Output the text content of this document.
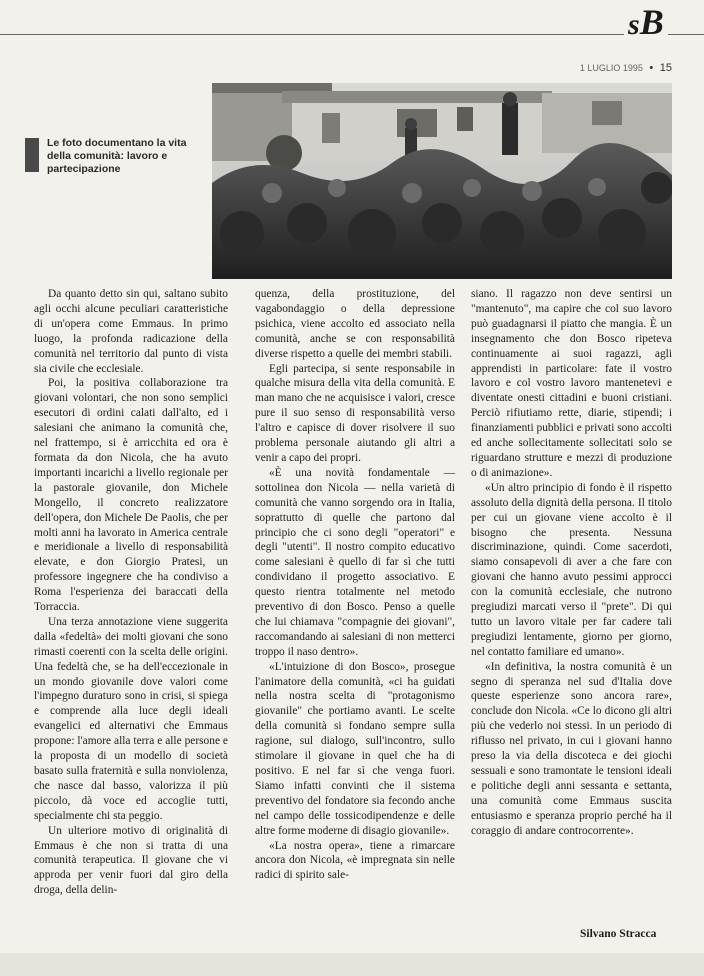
sB
1 LUGLIO 1995 • 15
Le foto documentano la vita della comunità: lavoro e partecipazione

Da quanto detto sin qui, saltano subito agli occhi alcune peculiari caratteristiche di un'opera come Emmaus. In primo luogo, la profonda radicazione della comunità nel territorio dal punto di vista sia civile che ecclesiale.

Poi, la positiva collaborazione tra giovani volontari, che non sono semplici esecutori di ordini calati dall'alto, ed i salesiani che animano la comunità che, nel frattempo, si è arricchita ed ora è formata da don Nicola, che ha avuto importanti incarichi a livello regionale per la pastorale giovanile, don Michele Mongello, il concreto realizzatore dell'opera, don Michele De Paolis, che per molti anni ha lavorato in America centrale e meridionale a livello di responsabilità elevate, e don Giorgio Pratesi, un professore ingegnere che ha condiviso a Roma l'esperienza dei baraccati della Torraccia.

Una terza annotazione viene suggerita dalla «fedeltà» dei molti giovani che sono rimasti coerenti con la scelta delle origini. Una fedeltà che, se ha dell'eccezionale in un mondo giovanile dove valori come l'impegno duraturo sono in crisi, si spiega e comprende alla luce degli ideali evangelici ed alternativi che Emmaus propone: l'amore alla terra e alle persone e la proposta di un modello di società basato sulla fraternità e sulla nonviolenza, che nasce dal basso, valorizza il più piccolo, dà voce ed accoglie tutti, specialmente chi sta peggio.

Un ulteriore motivo di originalità di Emmaus è che non si tratta di una comunità terapeutica. Il giovane che vi approda per venir fuori dal giro della droga, della delin-

quenza, della prostituzione, del vagabondaggio o della depressione psichica, viene accolto ed associato nella comunità, anche se con responsabilità diverse rispetto a quelle dei membri stabili.

Egli partecipa, si sente responsabile in qualche misura della vita della comunità. E man mano che ne acquisisce i valori, cresce pure il suo senso di responsabilità verso l'altro e capisce di dover risolvere il suo problema personale aiutando gli altri a venir a capo dei propri.

«È una novità fondamentale — sottolinea don Nicola — nella varietà di comunità che vanno sorgendo ora in Italia, soprattutto di quelle che partono dal principio che ci sono degli "operatori" e degli "utenti". Il nostro compito educativo come salesiani è quello di far sì che tutti condividano il progetto associativo. E questo rientra totalmente nel metodo preventivo di don Bosco. Penso a quelle che lui chiamava "compagnie dei giovani", raccomandando ai salesiani di non metterci troppo il naso dentro».

«L'intuizione di don Bosco», prosegue l'animatore della comunità, «ci ha guidati nella nostra scelta di "protagonismo giovanile" che portiamo avanti. Le scelte della comunità si fondano sempre sulla ragione, sul dialogo, sull'incontro, sullo stimolare il giovane in quel che ha di positivo. E nel far sì che venga fuori. Siamo infatti convinti che il sistema preventivo del fondatore sia fecondo anche nel campo delle tossicodipendenze e delle altre forme moderne di disagio giovanile».

«La nostra opera», tiene a rimarcare ancora don Nicola, «è impregnata sin nelle radici di spirito sale-

siano. Il ragazzo non deve sentirsi un "mantenuto", ma capire che col suo lavoro può guadagnarsi il piatto che mangia. È un insegnamento che don Bosco ripeteva continuamente ai suoi ragazzi, agli apprendisti in particolare: fate il vostro lavoro e col vostro lavoro mantenetevi e diventate onesti cittadini e buoni cristiani. Perciò rifiutiamo rette, diarie, stipendi; i finanziamenti pubblici e privati sono accolti ed anche sollecitamente sollecitati solo se riguardano strutture e mezzi di produzione o di animazione».

«Un altro principio di fondo è il rispetto assoluto della dignità della persona. Il titolo per cui un giovane viene accolto è il bisogno che presenta. Nessuna discriminazione, quindi. Come sacerdoti, siamo consapevoli di aver a che fare con giovani che hanno avuto pessimi approcci con la comunità ecclesiale, che nutrono pregiudizi marcati verso il "prete". Di qui tutto un lavoro vitale per far cadere tali pregiudizi lentamente, giorno per giorno, nel contatto familiare ed umano».

«In definitiva, la nostra comunità è un segno di speranza nel sud d'Italia dove queste esperienze sono ancora rare», conclude don Nicola. «Ce lo dicono gli altri più che vederlo noi stessi. In un periodo di riflusso nel privato, in cui i giovani hanno preso la via della discoteca e dei giochi sessuali e sono tramontate le tensioni ideali e politiche degli anni sessanta e settanta, una comunità come Emmaus suscita entusiasmo e speranza proprio perché ha il coraggio di andare controcorrente».

Silvano Stracca
